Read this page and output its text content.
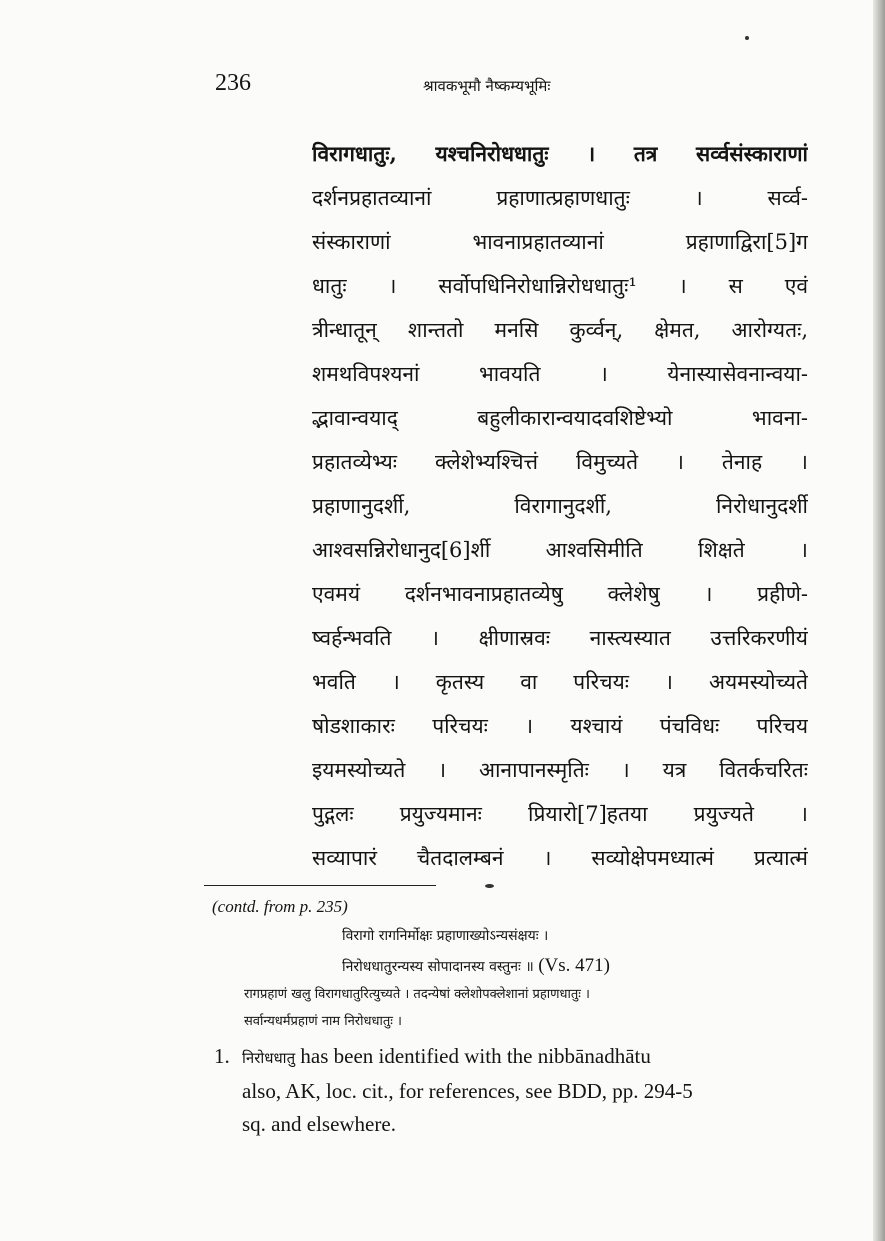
236	श्रावकभूमौ नैष्कम्यभूमिः
विरागधातुः, यश्चनिरोधधातुः । तत्र सर्व्वसंस्काराणां
दर्शनप्रहातव्यानां प्रहाणात्प्रहाणधातुः । सर्व्व-
संस्काराणां भावनाप्रहातव्यानां प्रहाणाद्विरा[5]ग
धातुः । सर्वोपधिनिरोधान्निरोधधातुः¹ । स एवं
त्रीन्धातून् शान्ततो मनसि कुर्व्वन्, क्षेमत, आरोग्यतः,
शमथविपश्यनां भावयति । येनास्यासेवनान्वया-
द्भावान्वयाद् बहुलीकारान्वयादवशिष्टेभ्यो भावना-
प्रहातव्येभ्यः क्लेशेभ्यश्चित्तं विमुच्यते । तेनाह ।
प्रहाणानुदर्शी, विरागानुदर्शी, निरोधानुदर्शी
आश्वसन्निरोधानुद[6]र्शी आश्वसिमीति शिक्षते ।
एवमयं दर्शनभावनाप्रहातव्येषु क्लेशेषु । प्रहीणे-
ष्वर्हन्भवति । क्षीणास्रवः नास्त्यस्यात उत्तरिकरणीयं
भवति । कृतस्य वा परिचयः । अयमस्योच्यते
षोडशाकारः परिचयः । यश्चायं पंचविधः परिचय
इयमस्योच्यते । आनापानस्मृतिः । यत्र वितर्कचरितः
पुद्गलः प्रयुज्यमानः प्रियारो[7]हतया प्रयुज्यते ।
सव्यापारं चैतदालम्बनं । सव्योक्षेपमध्यात्मं प्रत्यात्मं
(contd. from p. 235)
विरागो रागनिर्मोक्षः प्रहाणाख्योऽन्यसंक्षयः ।
निरोधधातुरन्यस्य सोपादानस्य वस्तुनः ॥ (Vs. 471)
रागप्रहाणं खलु विरागधातुरित्युच्यते । तदन्येषां क्लेशोपक्लेशानां प्रहाणधातुः ।
सर्वान्यधर्मप्रहाणं नाम निरोधधातुः ।
1. निरोधधातु has been identified with the nibbānadhātu
also, AK, loc. cit., for references, see BDD, pp. 294-5
sq. and elsewhere.
